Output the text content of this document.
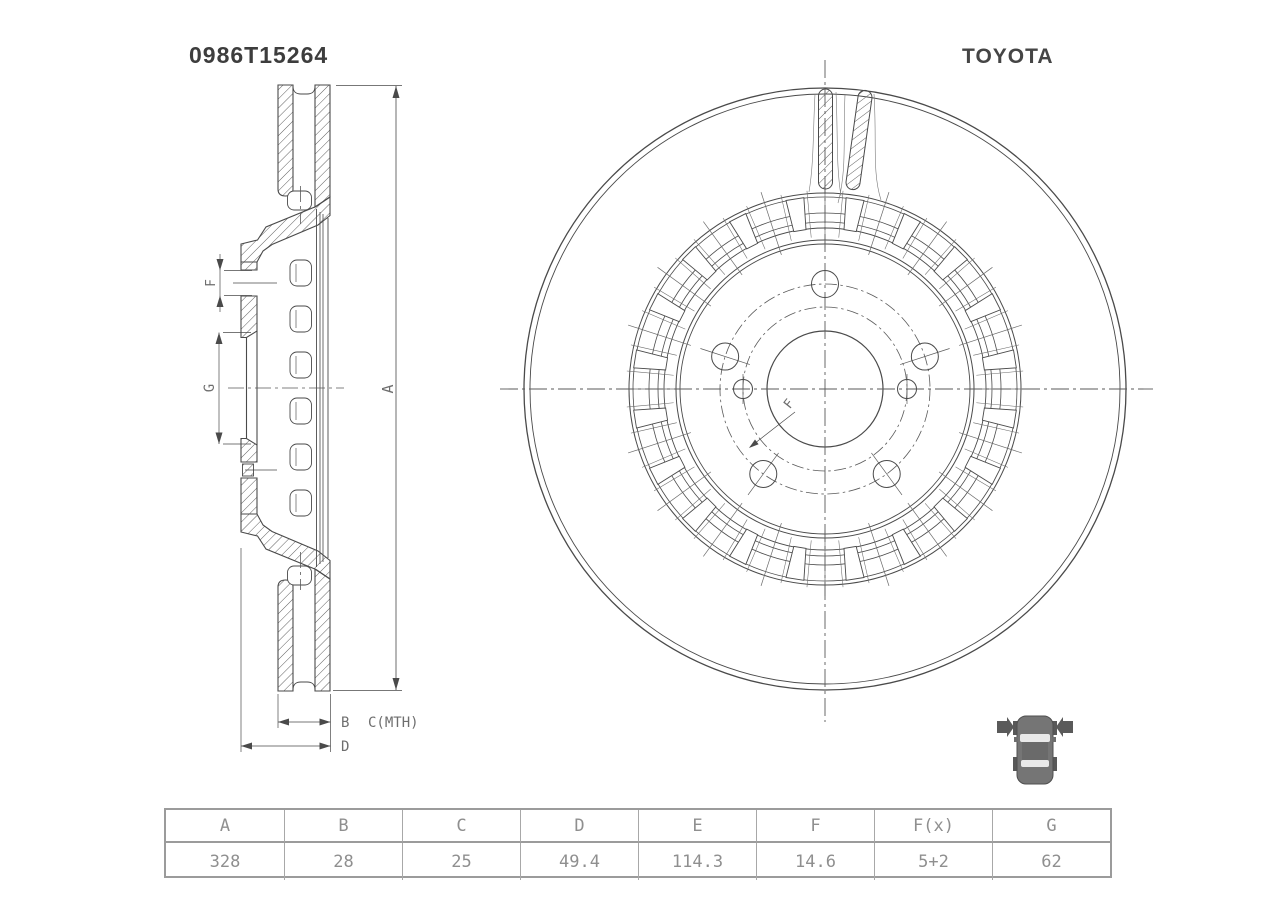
0986T15264	TOYOTA
A
F
G
B C(MTH)
D
F
A	B	C	D	E	F	F(x)	G
328	28	25	49.4	114.3	14.6	5+2	62
